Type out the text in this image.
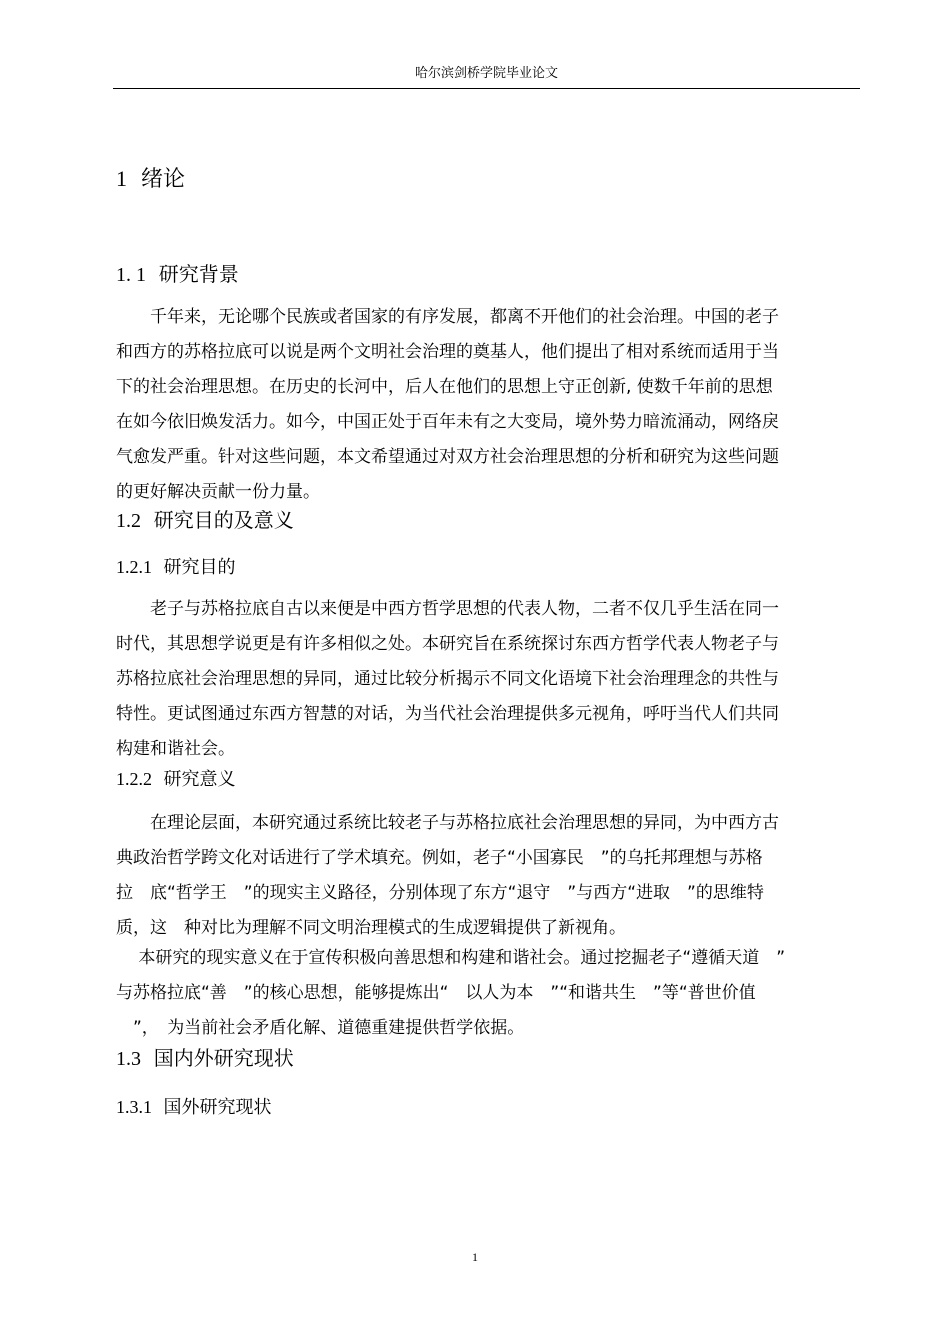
哈尔滨剑桥学院毕业论文
1 绪论
1. 1 研究背景
　　千年来，无论哪个民族或者国家的有序发展，都离不开他们的社会治理。中国的老子
和西方的苏格拉底可以说是两个文明社会治理的奠基人，他们提出了相对系统而适用于当
下的社会治理思想。在历史的长河中，后人在他们的思想上守正创新, 使数千年前的思想
在如今依旧焕发活力。如今，中国正处于百年未有之大变局，境外势力暗流涌动，网络戾
气愈发严重。针对这些问题，本文希望通过对双方社会治理思想的分析和研究为这些问题
的更好解决贡献一份力量。
1.2 研究目的及意义
1.2.1 研究目的
　　老子与苏格拉底自古以来便是中西方哲学思想的代表人物，二者不仅几乎生活在同一
时代，其思想学说更是有许多相似之处。本研究旨在系统探讨东西方哲学代表人物老子与
苏格拉底社会治理思想的异同，通过比较分析揭示不同文化语境下社会治理理念的共性与
特性。更试图通过东西方智慧的对话，为当代社会治理提供多元视角，呼吁当代人们共同
构建和谐社会。
1.2.2 研究意义
　　在理论层面，本研究通过系统比较老子与苏格拉底社会治理思想的异同，为中西方古
典政治哲学跨文化对话进行了学术填充。例如，老子“小国寡民　”的乌托邦理想与苏格
拉　底“哲学王　”的现实主义路径，分别体现了东方“退守　”与西方“进取　”的思维特
质，这　种对比为理解不同文明治理模式的生成逻辑提供了新视角。
　 本研究的现实意义在于宣传积极向善思想和构建和谐社会。通过挖掘老子“遵循天道　”
与苏格拉底“善　”的核心思想，能够提炼出“　以人为本　”“和谐共生　”等“普世价值
　”，　为当前社会矛盾化解、道德重建提供哲学依据。
1.3 国内外研究现状
1.3.1 国外研究现状
1
